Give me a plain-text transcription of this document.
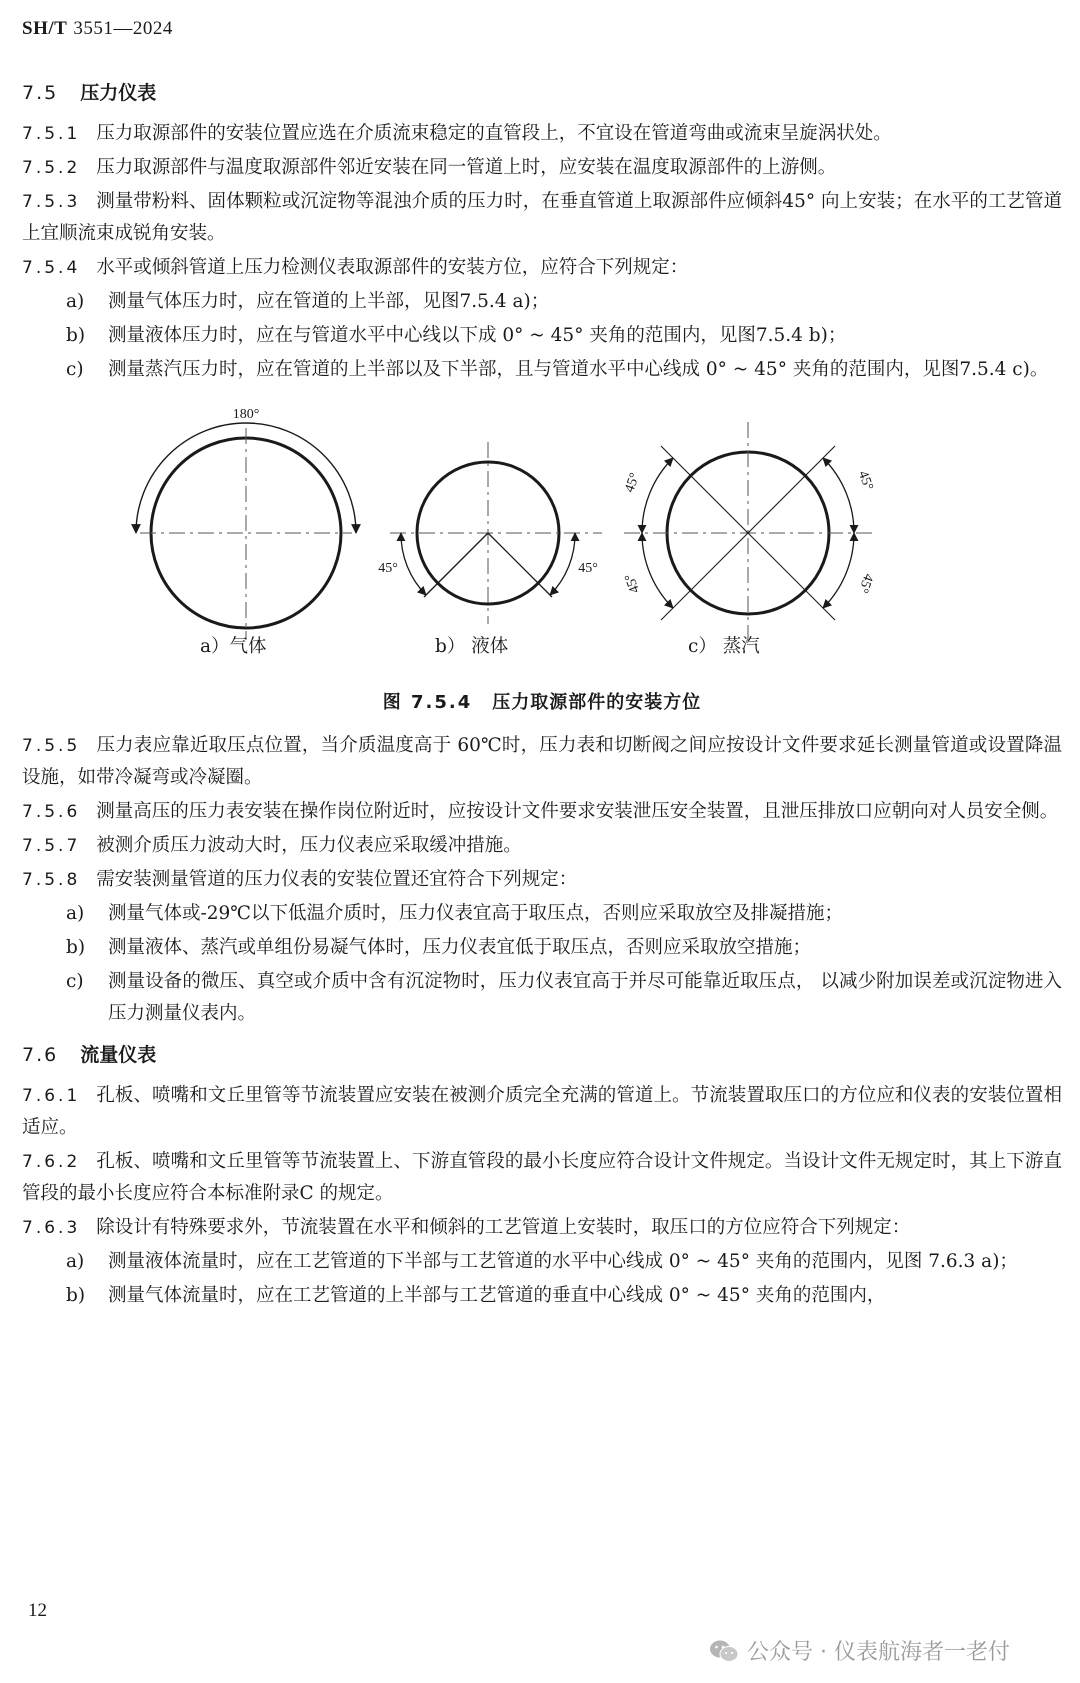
SH/T 3551—2024
7.5 压力仪表

7.5.1 压力取源部件的安装位置应选在介质流束稳定的直管段上，不宜设在管道弯曲或流束呈旋涡状处。

7.5.2 压力取源部件与温度取源部件邻近安装在同一管道上时，应安装在温度取源部件的上游侧。

7.5.3 测量带粉料、固体颗粒或沉淀物等混浊介质的压力时，在垂直管道上取源部件应倾斜45° 向上安装；在水平的工艺管道上宜顺流束成锐角安装。

7.5.4 水平或倾斜管道上压力检测仪表取源部件的安装方位，应符合下列规定：

a)	测量气体压力时，应在管道的上半部，见图7.5.4 a)；
b)	测量液体压力时，应在与管道水平中心线以下成 0° ~ 45° 夹角的范围内，见图7.5.4 b)；
c)	测量蒸汽压力时，应在管道的上半部以及下半部，且与管道水平中心线成 0° ~ 45° 夹角的范围内，见图7.5.4 c)。
180°
45°	45°
45°
45°
45°
45°
a）气体	b） 液体	c） 蒸汽
图 7.5.4 压力取源部件的安装方位

7.5.5 压力表应靠近取压点位置，当介质温度高于 60℃时，压力表和切断阀之间应按设计文件要求延长测量管道或设置降温设施，如带冷凝弯或冷凝圈。

7.5.6 测量高压的压力表安装在操作岗位附近时，应按设计文件要求安装泄压安全装置，且泄压排放口应朝向对人员安全侧。

7.5.7 被测介质压力波动大时，压力仪表应采取缓冲措施。

7.5.8 需安装测量管道的压力仪表的安装位置还宜符合下列规定：

a)	测量气体或-29℃以下低温介质时，压力仪表宜高于取压点，否则应采取放空及排凝措施；
b)	测量液体、蒸汽或单组份易凝气体时，压力仪表宜低于取压点，否则应采取放空措施；
c)	测量设备的微压、真空或介质中含有沉淀物时，压力仪表宜高于并尽可能靠近取压点， 以减少附加误差或沉淀物进入压力测量仪表内。
7.6 流量仪表

7.6.1 孔板、喷嘴和文丘里管等节流装置应安装在被测介质完全充满的管道上。节流装置取压口的方位应和仪表的安装位置相适应。

7.6.2 孔板、喷嘴和文丘里管等节流装置上、下游直管段的最小长度应符合设计文件规定。当设计文件无规定时，其上下游直管段的最小长度应符合本标准附录C 的规定。

7.6.3 除设计有特殊要求外，节流装置在水平和倾斜的工艺管道上安装时，取压口的方位应符合下列规定：

a)	测量液体流量时，应在工艺管道的下半部与工艺管道的水平中心线成 0° ~ 45° 夹角的范围内，见图 7.6.3 a)；
b)	测量气体流量时，应在工艺管道的上半部与工艺管道的垂直中心线成 0° ~ 45° 夹角的范围内，
12
公众号 · 仪表航海者一老付
